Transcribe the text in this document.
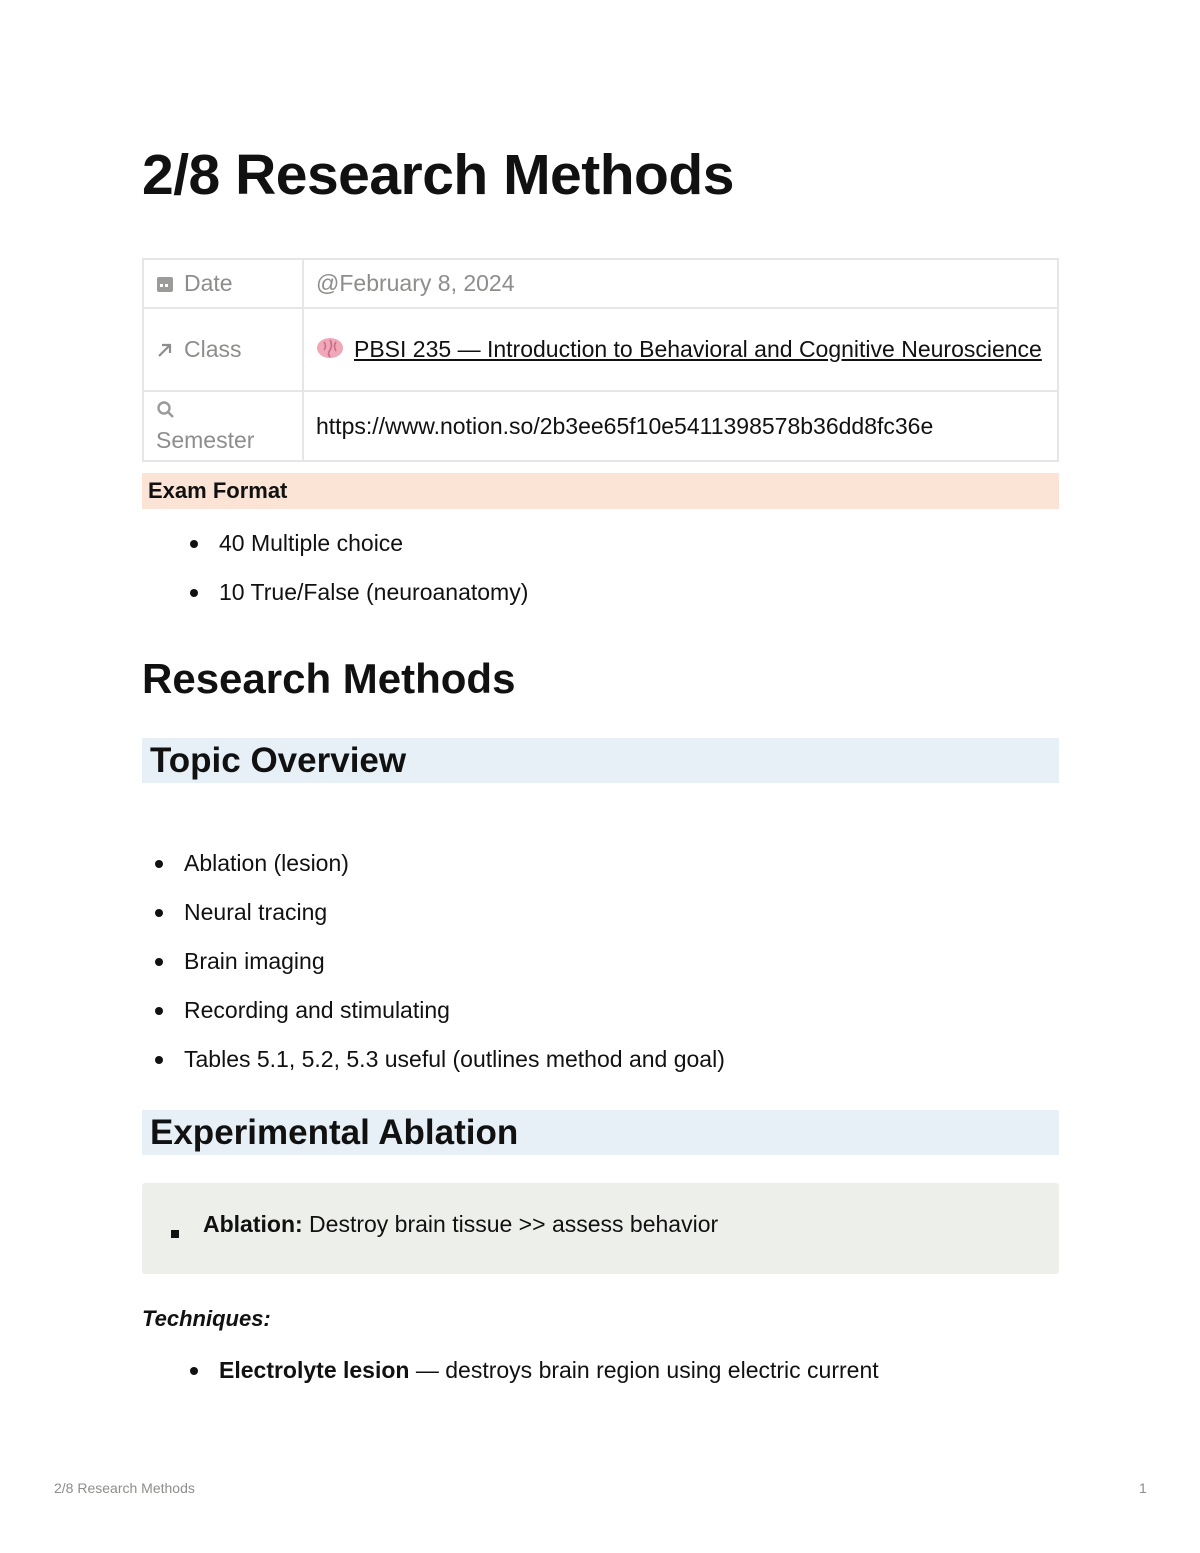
2/8 Research Methods
Date	@February 8, 2024

Class	PBSI 235 — Introduction to Behavioral and Cognitive Neuroscience

Semester	https://www.notion.so/2b3ee65f10e5411398578b36dd8fc36e
Exam Format
40 Multiple choice
10 True/False (neuroanatomy)
Research Methods
Topic Overview
Ablation (lesion)
Neural tracing
Brain imaging
Recording and stimulating
Tables 5.1, 5.2, 5.3 useful (outlines method and goal)
Experimental Ablation
Ablation: Destroy brain tissue >> assess behavior
Techniques:
Electrolyte lesion — destroys brain region using electric current
2/8 Research Methods	1
